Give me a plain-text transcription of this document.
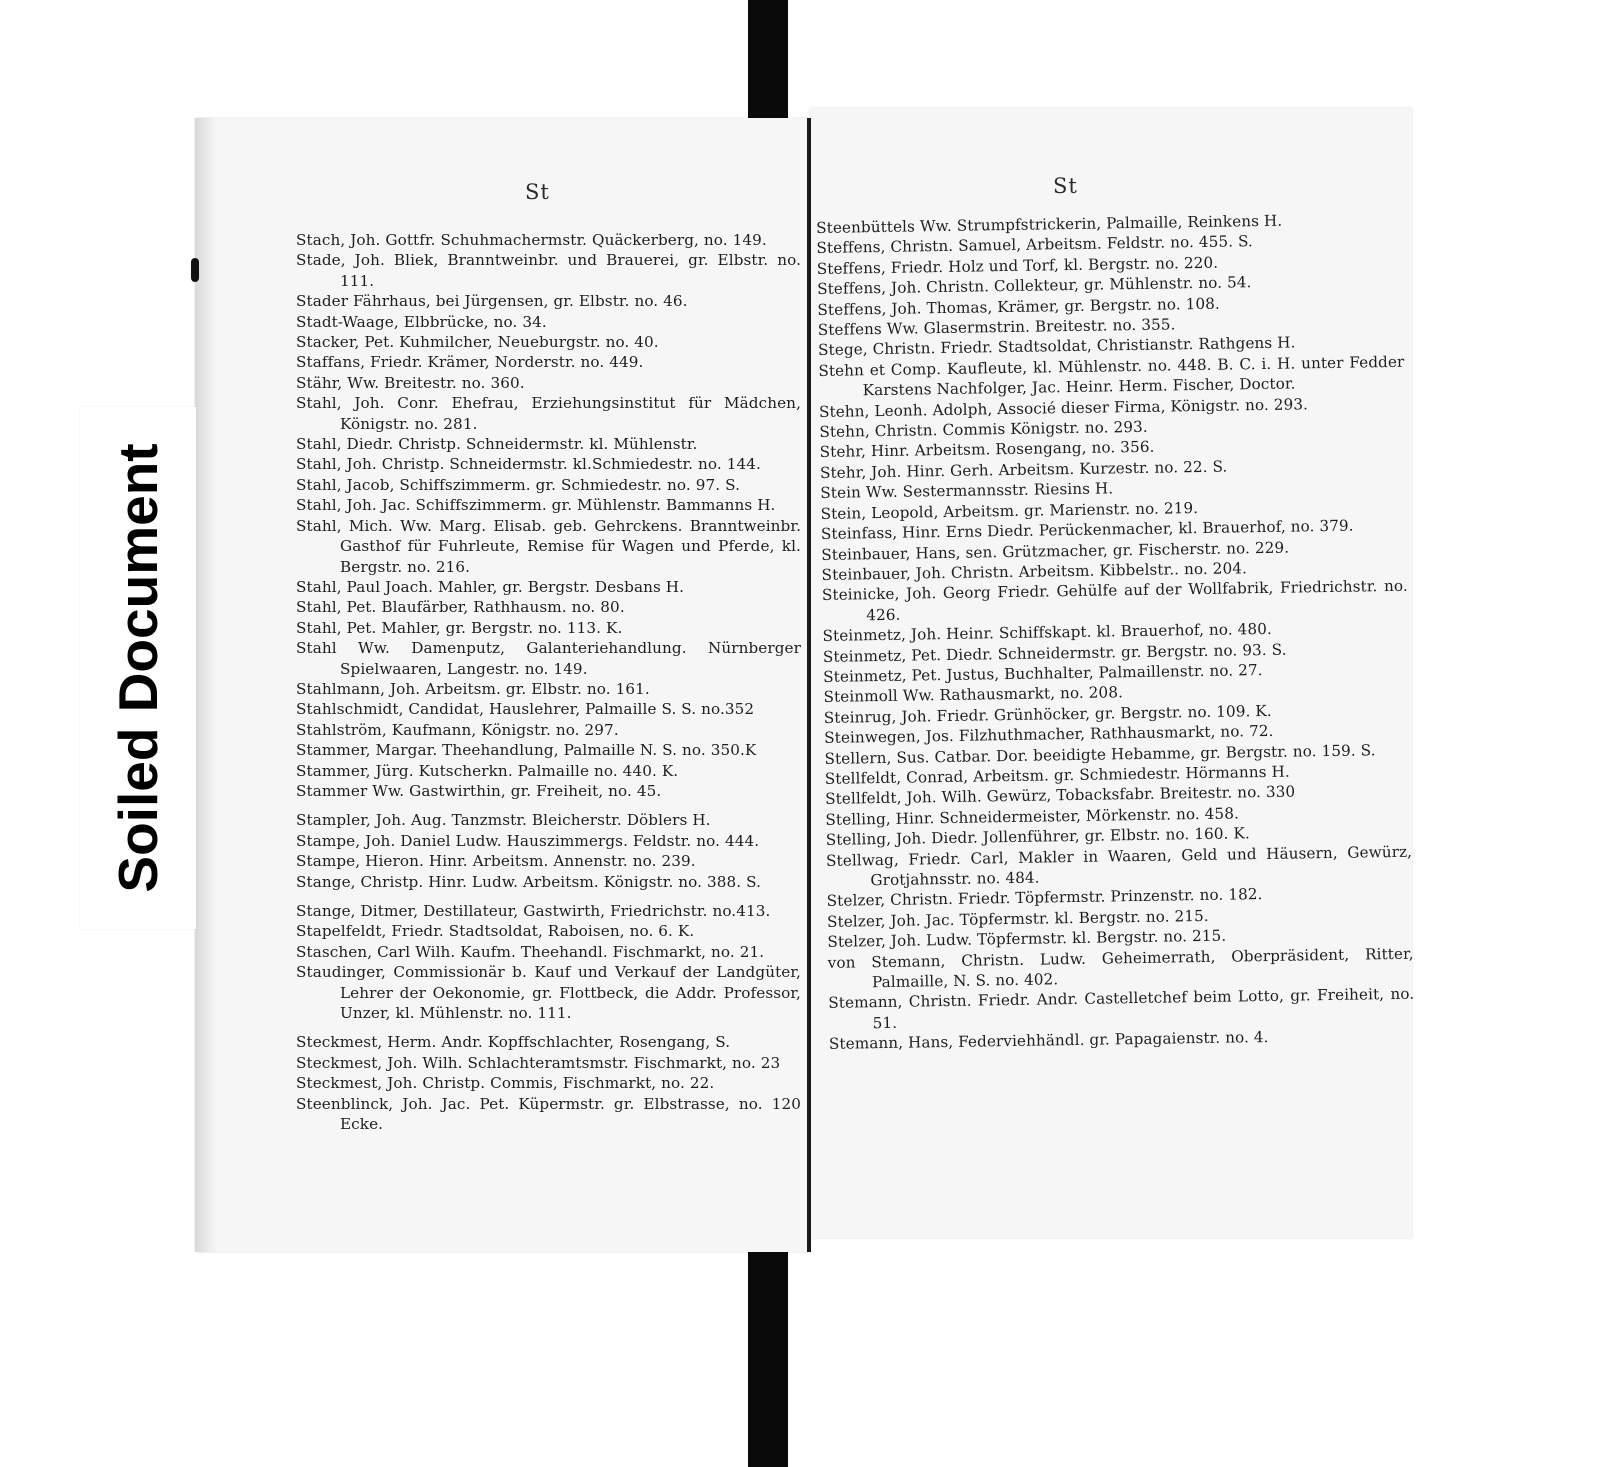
St
Stach, Joh. Gottfr. Schuhmachermstr. Quäckerberg, no. 149.
Stade, Joh. Bliek, Branntweinbr. und Brauerei, gr. Elbstr. no. 111.
Stader Fährhaus, bei Jürgensen, gr. Elbstr. no. 46.
Stadt-Waage, Elbbrücke, no. 34.
Stacker, Pet. Kuhmilcher, Neueburgstr. no. 40.
Staffans, Friedr. Krämer, Norderstr. no. 449.
Stähr, Ww. Breitestr. no. 360.
Stahl, Joh. Conr. Ehefrau, Erziehungsinstitut für Mädchen, Königstr. no. 281.
Stahl, Diedr. Christp. Schneidermstr. kl. Mühlenstr.
Stahl, Joh. Christp. Schneidermstr. kl.Schmiedestr. no. 144.
Stahl, Jacob, Schiffszimmerm. gr. Schmiedestr. no. 97. S.
Stahl, Joh. Jac. Schiffszimmerm. gr. Mühlenstr. Bammanns H.
Stahl, Mich. Ww. Marg. Elisab. geb. Gehrckens. Branntweinbr. Gasthof für Fuhrleute, Remise für Wagen und Pferde, kl. Bergstr. no. 216.
Stahl, Paul Joach. Mahler, gr. Bergstr. Desbans H.
Stahl, Pet. Blaufärber, Rathhausm. no. 80.
Stahl, Pet. Mahler, gr. Bergstr. no. 113. K.
Stahl Ww. Damenputz, Galanteriehandlung. Nürnberger Spielwaaren, Langestr. no. 149.
Stahlmann, Joh. Arbeitsm. gr. Elbstr. no. 161.
Stahlschmidt, Candidat, Hauslehrer, Palmaille S. S. no.352
Stahlström, Kaufmann, Königstr. no. 297.
Stammer, Margar. Theehandlung, Palmaille N. S. no. 350.K
Stammer, Jürg. Kutscherkn. Palmaille no. 440. K.
Stammer Ww. Gastwirthin, gr. Freiheit, no. 45.
Stampler, Joh. Aug. Tanzmstr. Bleicherstr. Döblers H.
Stampe, Joh. Daniel Ludw. Hauszimmergs. Feldstr. no. 444.
Stampe, Hieron. Hinr. Arbeitsm. Annenstr. no. 239.
Stange, Christp. Hinr. Ludw. Arbeitsm. Königstr. no. 388. S.
Stange, Ditmer, Destillateur, Gastwirth, Friedrichstr. no.413.
Stapelfeldt, Friedr. Stadtsoldat, Raboisen, no. 6. K.
Staschen, Carl Wilh. Kaufm. Theehandl. Fischmarkt, no. 21.
Staudinger, Commissionär b. Kauf und Verkauf der Landgüter, Lehrer der Oekonomie, gr. Flottbeck, die Addr. Professor, Unzer, kl. Mühlenstr. no. 111.
Steckmest, Herm. Andr. Kopffschlachter, Rosengang, S.
Steckmest, Joh. Wilh. Schlachteramtsmstr. Fischmarkt, no. 23
Steckmest, Joh. Christp. Commis, Fischmarkt, no. 22.
Steenblinck, Joh. Jac. Pet. Küpermstr. gr. Elbstrasse, no. 120 Ecke.
St
Steenbüttels Ww. Strumpfstrickerin, Palmaille, Reinkens H.
Steffens, Christn. Samuel, Arbeitsm. Feldstr. no. 455. S.
Steffens, Friedr. Holz und Torf, kl. Bergstr. no. 220.
Steffens, Joh. Christn. Collekteur, gr. Mühlenstr. no. 54.
Steffens, Joh. Thomas, Krämer, gr. Bergstr. no. 108.
Steffens Ww. Glasermstrin. Breitestr. no. 355.
Stege, Christn. Friedr. Stadtsoldat, Christianstr. Rathgens H.
Stehn et Comp. Kaufleute, kl. Mühlenstr. no. 448. B. C. i. H. unter Fedder Karstens Nachfolger, Jac. Heinr. Herm. Fischer, Doctor.
Stehn, Leonh. Adolph, Associé dieser Firma, Königstr. no. 293.
Stehn, Christn. Commis Königstr. no. 293.
Stehr, Hinr. Arbeitsm. Rosengang, no. 356.
Stehr, Joh. Hinr. Gerh. Arbeitsm. Kurzestr. no. 22. S.
Stein Ww. Sestermannsstr. Riesins H.
Stein, Leopold, Arbeitsm. gr. Marienstr. no. 219.
Steinfass, Hinr. Erns Diedr. Perückenmacher, kl. Brauerhof, no. 379.
Steinbauer, Hans, sen. Grützmacher, gr. Fischerstr. no. 229.
Steinbauer, Joh. Christn. Arbeitsm. Kibbelstr.. no. 204.
Steinicke, Joh. Georg Friedr. Gehülfe auf der Wollfabrik, Friedrichstr. no. 426.
Steinmetz, Joh. Heinr. Schiffskapt. kl. Brauerhof, no. 480.
Steinmetz, Pet. Diedr. Schneidermstr. gr. Bergstr. no. 93. S.
Steinmetz, Pet. Justus, Buchhalter, Palmaillenstr. no. 27.
Steinmoll Ww. Rathausmarkt, no. 208.
Steinrug, Joh. Friedr. Grünhöcker, gr. Bergstr. no. 109. K.
Steinwegen, Jos. Filzhuthmacher, Rathhausmarkt, no. 72.
Stellern, Sus. Catbar. Dor. beeidigte Hebamme, gr. Bergstr. no. 159. S.
Stellfeldt, Conrad, Arbeitsm. gr. Schmiedestr. Hörmanns H.
Stellfeldt, Joh. Wilh. Gewürz, Tobacksfabr. Breitestr. no. 330
Stelling, Hinr. Schneidermeister, Mörkenstr. no. 458.
Stelling, Joh. Diedr. Jollenführer, gr. Elbstr. no. 160. K.
Stellwag, Friedr. Carl, Makler in Waaren, Geld und Häusern, Gewürz, Grotjahnsstr. no. 484.
Stelzer, Christn. Friedr. Töpfermstr. Prinzenstr. no. 182.
Stelzer, Joh. Jac. Töpfermstr. kl. Bergstr. no. 215.
Stelzer, Joh. Ludw. Töpfermstr. kl. Bergstr. no. 215.
von Stemann, Christn. Ludw. Geheimerrath, Oberpräsident, Ritter, Palmaille, N. S. no. 402.
Stemann, Christn. Friedr. Andr. Castelletchef beim Lotto, gr. Freiheit, no. 51.
Stemann, Hans, Federviehhändl. gr. Papagaienstr. no. 4.
Soiled Document
